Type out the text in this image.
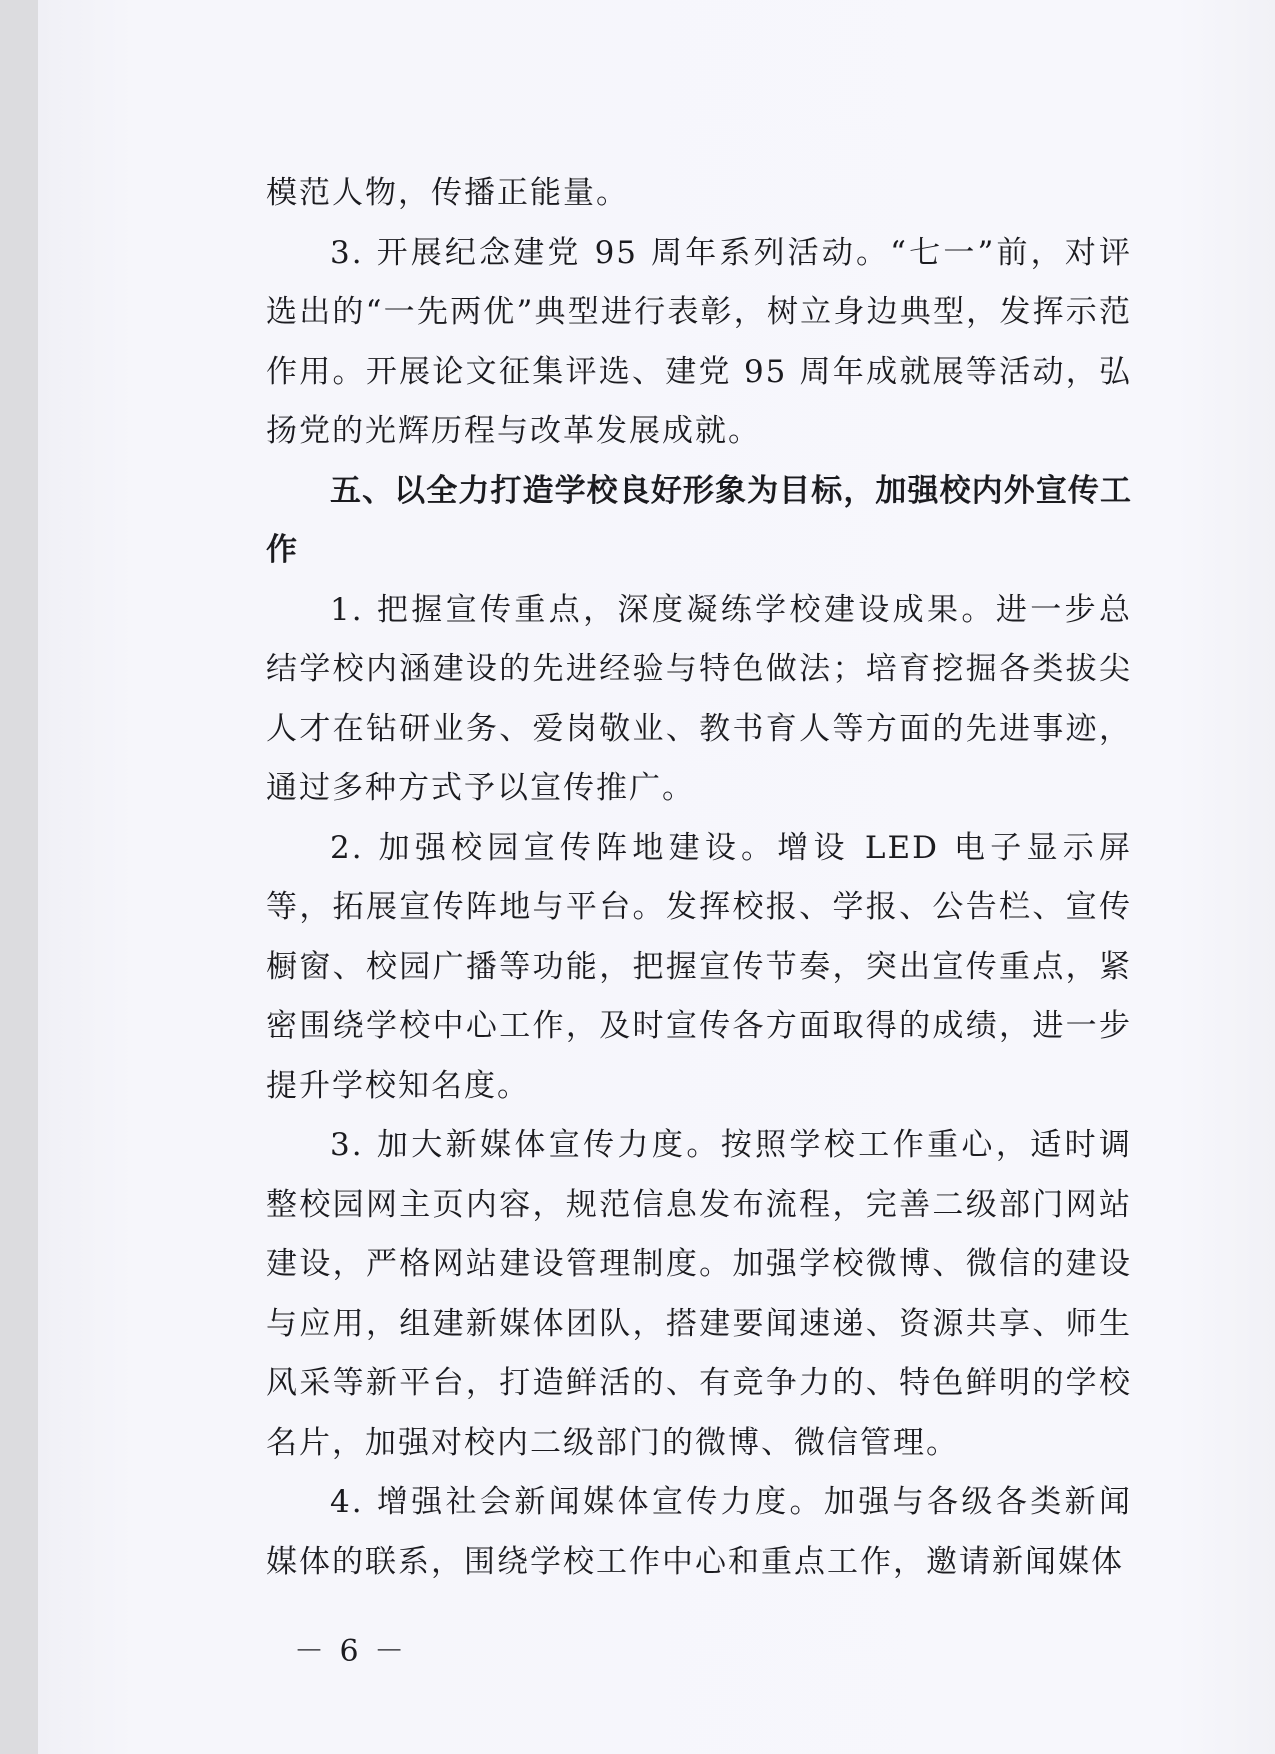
模范人物，传播正能量。

3. 开展纪念建党 95 周年系列活动。“七一”前，对评选出的“一先两优”典型进行表彰，树立身边典型，发挥示范作用。开展论文征集评选、建党 95 周年成就展等活动，弘扬党的光辉历程与改革发展成就。

五、以全力打造学校良好形象为目标，加强校内外宣传工作

1. 把握宣传重点，深度凝练学校建设成果。进一步总结学校内涵建设的先进经验与特色做法；培育挖掘各类拔尖人才在钻研业务、爱岗敬业、教书育人等方面的先进事迹，通过多种方式予以宣传推广。

2. 加强校园宣传阵地建设。增设 LED 电子显示屏等，拓展宣传阵地与平台。发挥校报、学报、公告栏、宣传橱窗、校园广播等功能，把握宣传节奏，突出宣传重点，紧密围绕学校中心工作，及时宣传各方面取得的成绩，进一步提升学校知名度。

3. 加大新媒体宣传力度。按照学校工作重心，适时调整校园网主页内容，规范信息发布流程，完善二级部门网站建设，严格网站建设管理制度。加强学校微博、微信的建设与应用，组建新媒体团队，搭建要闻速递、资源共享、师生风采等新平台，打造鲜活的、有竞争力的、特色鲜明的学校名片，加强对校内二级部门的微博、微信管理。

4. 增强社会新闻媒体宣传力度。加强与各级各类新闻媒体的联系，围绕学校工作中心和重点工作，邀请新闻媒体

－ 6 －
